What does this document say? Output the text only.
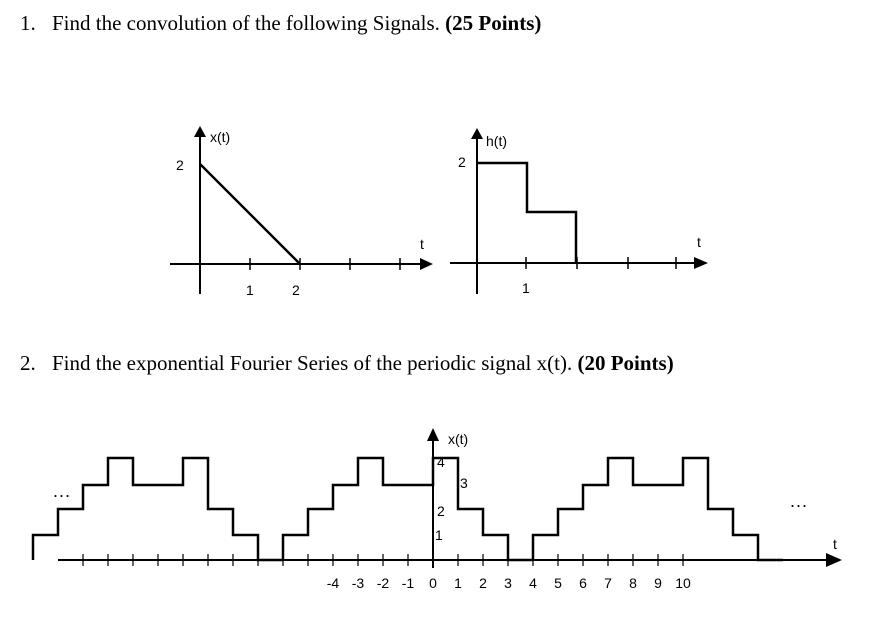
1. Find the convolution of the following Signals. (25 Points)
2. Find the exponential Fourier Series of the periodic signal x(t). (20 Points)
x(t)
2
1	2
t
h(t)
2
1
t
x(t)
4
3
2
1
...	...
t
-4 -3 -2 -1 0 1 2 3 4 5 6 7 8 9 10
